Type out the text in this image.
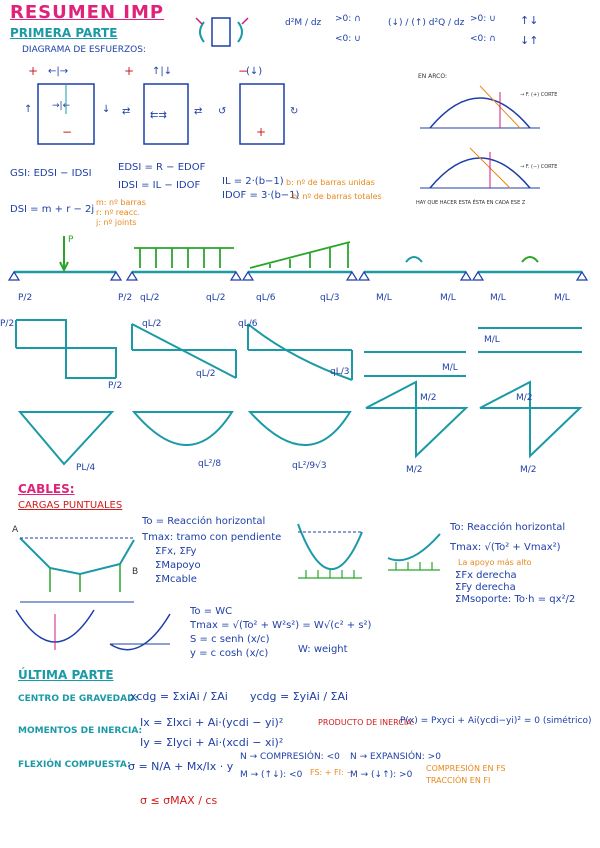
RESUMEN IMP
PRIMERA PARTE
DIAGRAMA DE ESFUERZOS:
d²M / dz >0: ∩
<0: ∪
(↓) / (↑) d²Q / dz >0: ∪
<0: ∩
↑↓
↓↑
+	+	−
←|→
→|←
↑	↓
−
↑|↓
⇄	⇄
⇇⇉
(↓)
↺	↻
+
EN ARCO:
→ F. (+) CORTE
→ F. (−) CORTE
HAY QUE HACER ESTA ÉSTA EN CADA ESE Z
GSI: EDSI − IDSI
EDSI = R − EDOF
IDSI = IL − IDOF IL = 2·(b−1) b: nº de barras unidas
IDOF = 3·(b−1)
b: nº de barras totales
DSI = m + r − 2j
m: nº barras
r: nº reacc.
j: nº joints
P
P/2	P/2 qL/2	qL/2	qL/6	qL/3	M/L	M/L	M/L	M/L
P/2
P/2
qL/2
qL/2
qL/6
qL/3	M/L
M/L
PL/4	qL²/8	qL²/9√3
M/2
M/2
M/2
M/2
CABLES:
CARGAS PUNTUALES
A
B
To = Reacción horizontal
Tmax: tramo con pendiente
ΣFx, ΣFy
ΣMapoyo
ΣMcable
To: Reacción horizontal
Tmax: √(To² + Vmax²)
La apoyo más alto
ΣFx derecha
ΣFy derecha
ΣMsoporte: To·h = qx²/2
To = WC
Tmax = √(To² + W²s²) = W√(c² + s²)
S = c senh (x/c)
y = c cosh (x/c)	W: weight
ÚLTIMA PARTE
CENTRO DE GRAVEDAD:
xcdg = ΣxiAi / ΣAi ycdg = ΣyiAi / ΣAi
MOMENTOS DE INERCIA:
Ix = ΣIxci + Ai·(ycdi − yi)²
Iy = ΣIyci + Ai·(xcdi − xi)²
PRODUCTO DE INERCIA:
P(x) = Pxyci + Ai(ycdi−yi)² = 0 (simétrico)
FLEXIÓN COMPUESTA:
σ = N/A + Mx/Ix · y
N → COMPRESIÓN: <0 N → EXPANSIÓN: >0
M → (↑↓): <0 FS: + FI: −
M → (↓↑): >0
COMPRESIÓN EN FS
TRACCIÓN EN FI
σ ≤ σMAX / cs
